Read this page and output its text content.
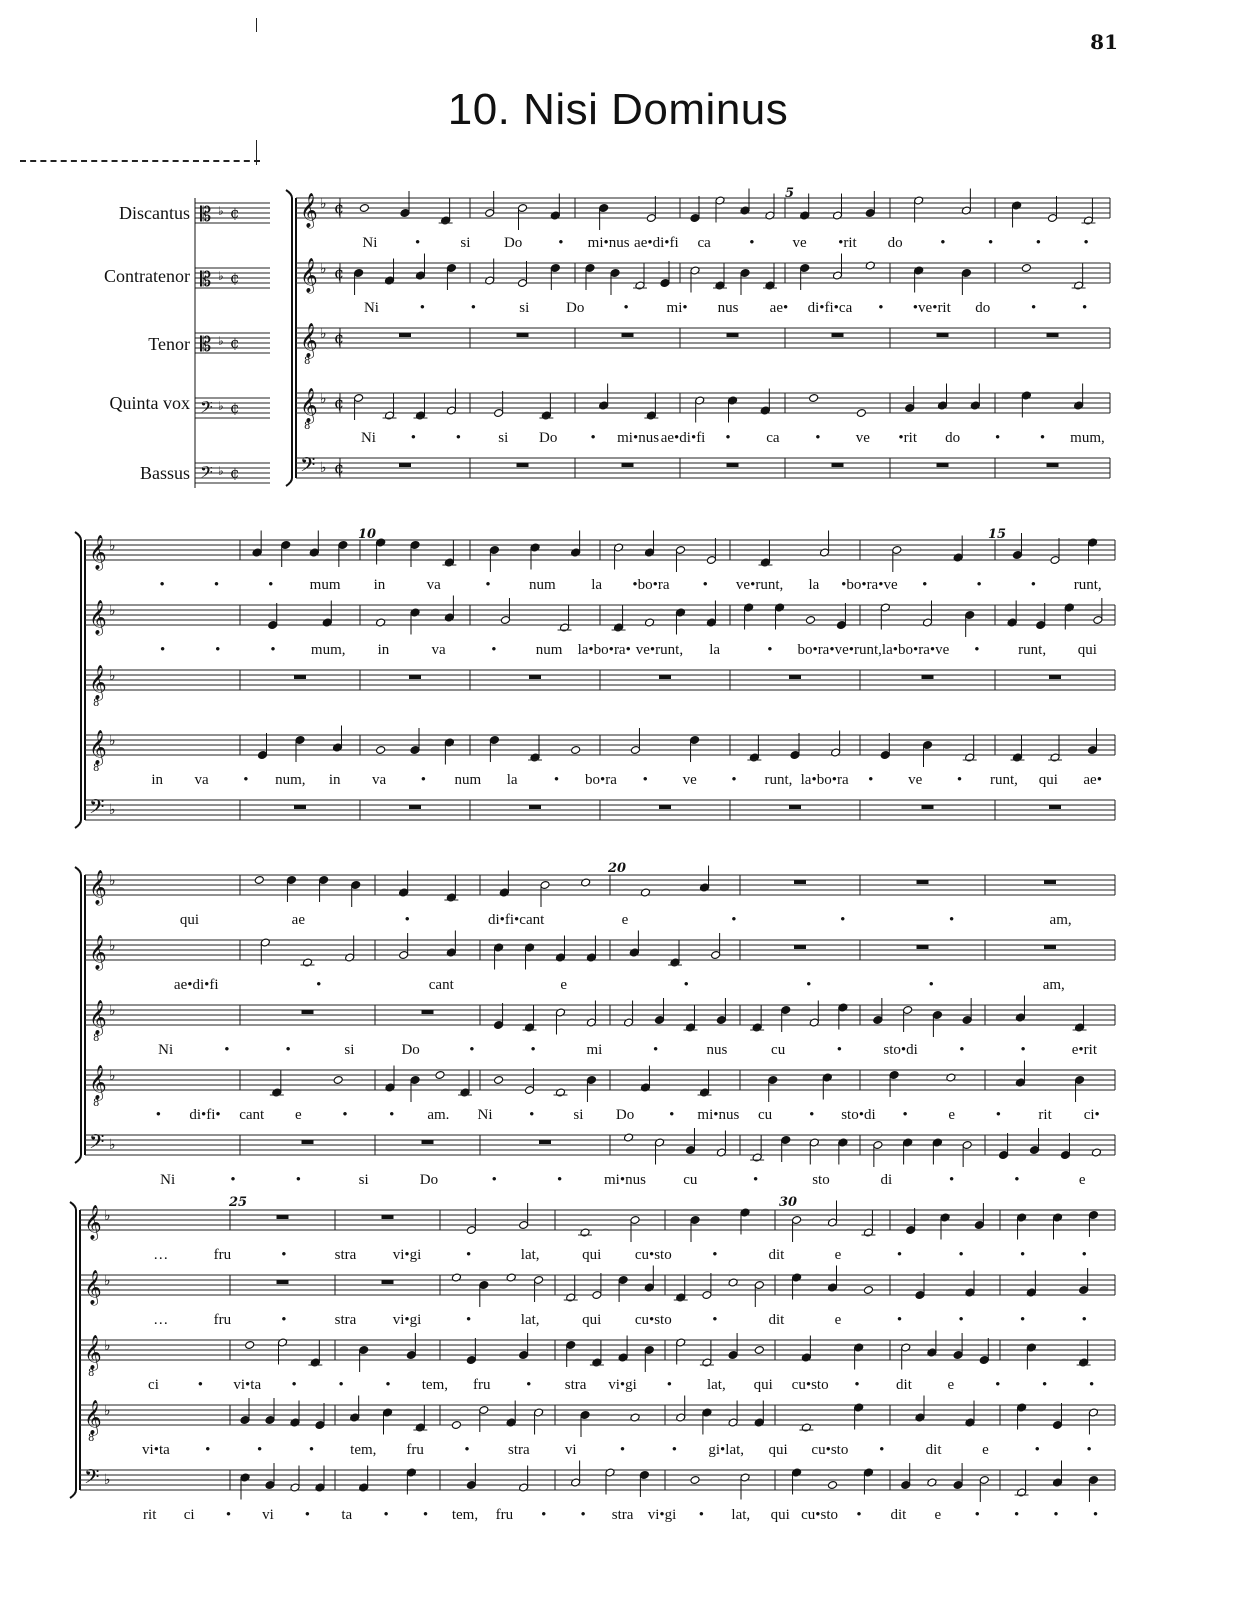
81
10. Nisi Dominus
Discantus
Contratenor
Tenor
Quinta vox
Bassus
5
10	15
20
25	30
𝄞 ♭ ¢
𝄞 ♭ ¢
𝄞
8
♭ ¢
𝄞
8
♭ ¢
𝄢 ♭ ¢
𝄞 ♭
𝄞 ♭
𝄞
8
♭
𝄞
8
♭
𝄢 ♭
𝄞 ♭
𝄞 ♭
𝄞
8
♭
𝄞
8
♭
𝄢 ♭
𝄞 ♭
𝄞 ♭
𝄞
8
♭
𝄞
8
♭
𝄢 ♭
𝄡 ♭ ¢
𝄡 ♭ ¢
𝄡 ♭ ¢
𝄢 ♭ ¢
𝄢 ♭ ¢
Ni	•	si	Do	•	mi•nus ae•di•fi	ca	•	ve	•rit	do	•	•	•	•
Ni	•	•	si	Do	•	mi•	nus	ae•	di•fi•ca	•	•ve•rit	do	•	•
Ni	•	•	si	Do	•	mi•nus ae•di•fi	•	ca	•	ve	•rit	do	•	•	mum,
•	•	•	mum	in	va	•	num	la	•bo•ra	•	ve•runt,	la	•bo•ra•ve	•	•	•	runt,
•	•	•	mum,	in	va	•	num	la•bo•ra• ve•runt,	la	•	bo•ra•ve•runt, la•bo•ra•ve	•	runt,	qui
in	va	•	num,	in	va	•	num	la	•	bo•ra	•	ve	•	runt, la•bo•ra	•	ve	•	runt,	qui	ae•
qui	ae	•	di•fi•cant	e	•	•	•	am,
ae•di•fi	•	cant	e	•	•	•	am,
Ni	•	•	si	Do	•	•	mi	•	nus	cu	•	sto•di	•	•	e•rit
•	di•fi•	cant	e	•	•	am.	Ni	•	si	Do	•	mi•nus	cu	•	sto•di	•	e	•	rit	ci•
Ni	•	•	si	Do	•	•	mi•nus	cu	•	sto	di	•	•	e
…	fru	•	stra	vi•gi	•	lat,	qui	cu•sto	•	dit	e	•	•	•	•
…	fru	•	stra	vi•gi	•	lat,	qui	cu•sto	•	dit	e	•	•	•	•
ci	•	vi•ta	•	•	•	tem,	fru	•	stra	vi•gi	•	lat,	qui	cu•sto	•	dit	e	•	•	•
vi•ta	•	•	•	tem,	fru	•	stra	vi	•	•	gi•lat,	qui	cu•sto	•	dit	e	•	•
rit	ci	•	vi	•	ta	•	•	tem,	fru	•	•	stra vi•gi	•	lat,	qui cu•sto	•	dit	e	•	•	•	•
